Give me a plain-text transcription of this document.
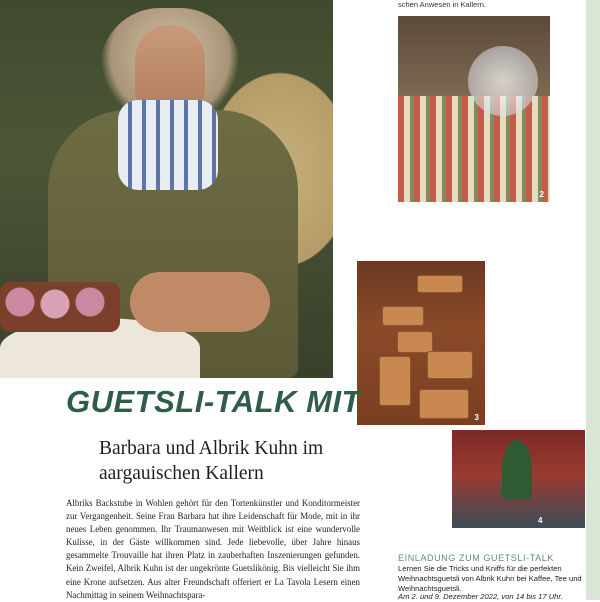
schen Anwesen in Kallern.
2
3
4
GUETSLI-TALK MIT
Barbara und Albrik Kuhn im aargauischen Kallern

Albriks Backstube in Wohlen gehört für den Tortenkünstler und Konditormeister zur Vergangenheit. Seine Frau Barbara hat ihre Leidenschaft für Mode, mit in ihr neues Leben genommen. Ihr Traumanwesen mit Weitblick ist eine wundervolle Kulisse, in der Gäste willkommen sind. Jede liebevolle, über Jahre hinaus gesammelte Trouvaille hat ihren Platz in zauberhaften Inszenierungen gefunden. Kein Zweifel, Albrik Kuhn ist der ungekrönte Guetslikönig. Bis vielleicht Sie ihm eine Krone aufsetzen. Aus alter Freundschaft offeriert er La Tavola Lesern einen Nachmittag in seinem Weihnachtspara-

EINLADUNG ZUM GUETSLI-TALK
Lernen Sie die Tricks und Kniffs für die perfekten Weihnachtsguetsli von Albrik Kuhn bei Kaffee, Tee und Weihnachtsguetsli.
Am 2. und 9. Dezember 2022, von 14 bis 17 Uhr.
